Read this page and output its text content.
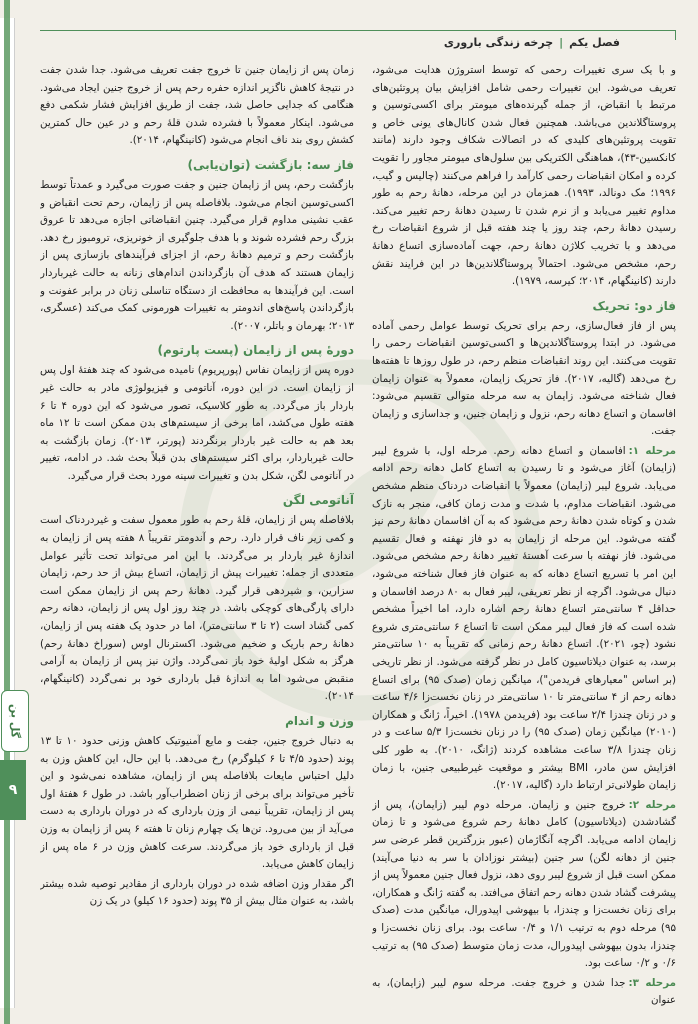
فصل یکم|چرخه زندگی باروری
گل بن
۹

و با یک سری تغییرات رحمی که توسط استروژن هدایت می‌شود، تعریف می‌شود. این تغییرات رحمی شامل افزایش بیان پروتئین‌های مرتبط با انقباض، از جمله گیرنده‌های میومتر برای اکسی‌توسین و پروستاگلاندین می‌باشد. همچنین فعال شدن کانال‌های یونی خاص و تقویت پروتئین‌های کلیدی که در اتصالات شکاف وجود دارند (مانند کانکسین-۴۳)، هماهنگی الکتریکی بین سلول‌های میومتر مجاور را تقویت کرده و امکان انقباضات رحمی کارآمد را فراهم می‌کنند (چالیس و گیب، ۱۹۹۶؛ مک دونالد، ۱۹۹۳). همزمان در این مرحله، دهانهٔ رحم به طور مداوم تغییر می‌یابد و از نرم شدن تا رسیدن دهانهٔ رحم تغییر می‌کند. رسیدن دهانهٔ رحم، چند روز یا چند هفته قبل از شروع انقباضات رخ می‌دهد و با تخریب کلاژن دهانهٔ رحم، جهت آماده‌سازی اتساع دهانهٔ رحم، مشخص می‌شود. احتمالاً پروستاگلاندین‌ها در این فرایند نقش دارند (کانینگهام، ۲۰۱۴؛ کیرسه، ۱۹۷۹).

فاز دو: تحریک

پس از فاز فعال‌سازی، رحم برای تحریک توسط عوامل رحمی آماده می‌شود. در ابتدا پروستاگلاندین‌ها و اکسی‌توسین انقباضات رحمی را تقویت می‌کنند. این روند انقباضات منظم رحم، در طول روزها تا هفته‌ها رخ می‌دهد (گالیه، ۲۰۱۷). فاز تحریک زایمان، معمولاً به عنوان زایمان فعال شناخته می‌شود. زایمان به سه مرحله متوالی تقسیم می‌شود: افاسمان و اتساع دهانه رحم، نزول و زایمان جنین، و جداسازی و زایمان جفت.

مرحله ۱:افاسمان و اتساع دهانه رحم. مرحله اول، با شروع لیبر (زایمان) آغاز می‌شود و تا رسیدن به اتساع کامل دهانه رحم ادامه می‌یابد. شروع لیبر (زایمان) معمولاً با انقباضات دردناک منظم مشخص می‌شود. انقباضات مداوم، با شدت و مدت زمان کافی، منجر به نازک شدن و کوتاه شدن دهانهٔ رحم می‌شود که به آن افاسمان دهانهٔ رحم نیز گفته می‌شود. این مرحله از زایمان به دو فاز نهفته و فعال تقسیم می‌شود. فاز نهفته با سرعت آهستهٔ تغییر دهانهٔ رحم مشخص می‌شود. این امر با تسریع اتساع دهانه که به عنوان فاز فعال شناخته می‌شود، دنبال می‌شود. اگرچه از نظر تعریفی، لیبر فعال به ۸۰ درصد افاسمان و حداقل ۴ سانتی‌متر اتساع دهانهٔ رحم اشاره دارد، اما اخیراً مشخص شده است که فاز فعال لیبر ممکن است تا اتساع ۶ سانتی‌متری شروع نشود (چو، ۲۰۲۱). اتساع دهانهٔ رحم زمانی که تقریباً به ۱۰ سانتی‌متر برسد، به عنوان دیلاتاسیون کامل در نظر گرفته می‌شود. از نظر تاریخی (بر اساس "معیارهای فریدمن")، میانگین زمان (صدک ۹۵) برای اتساع دهانه رحم از ۴ سانتی‌متر تا ۱۰ سانتی‌متر در زنان نخست‌زا ۴/۶ ساعت و در زنان چندزا ۲/۴ ساعت بود (فریدمن ۱۹۷۸). اخیراً، ژانگ و همکاران (۲۰۱۰) میانگین زمان (صدک ۹۵) را در زنان نخست‌زا ۵/۳ ساعت و در زنان چندزا ۳/۸ ساعت مشاهده کردند (ژانگ، ۲۰۱۰). به طور کلی افزایش سن مادر، BMI بیشتر و موقعیت غیرطبیعی جنین، با زمان زایمان طولانی‌تر ارتباط دارد (گالیه، ۲۰۱۷).

مرحله ۲:خروج جنین و زایمان. مرحله دوم لیبر (زایمان)، پس از گشادشدن (دیلاتاسیون) کامل دهانهٔ رحم شروع می‌شود و تا زمان زایمان ادامه می‌یابد. اگرچه آنگاژمان (عبور بزرگترین قطر عرضی سر جنین از دهانه لگن) سر جنین (بیشتر نوزادان با سر به دنیا می‌آیند) ممکن است قبل از شروع لیبر روی دهد، نزول فعال جنین معمولاً پس از پیشرفت گشاد شدن دهانه رحم اتفاق می‌افتد. به گفته ژانگ و همکاران، برای زنان نخست‌زا و چندزا، با بیهوشی اپیدورال، میانگین مدت (صدک ۹۵) مرحله دوم به ترتیب ۱/۱ و ۰/۴ ساعت بود. برای زنان نخست‌زا و چندزا، بدون بیهوشی اپیدورال، مدت زمان متوسط (صدک ۹۵) به ترتیب ۰/۶ و ۰/۲ ساعت بود.

مرحله ۳:جدا شدن و خروج جفت. مرحله سوم لیبر (زایمان)، به عنوان

زمان پس از زایمان جنین تا خروج جفت تعریف می‌شود. جدا شدن جفت در نتیجهٔ کاهش ناگزیر اندازه حفره رحم پس از خروج جنین ایجاد می‌شود. هنگامی که جدایی حاصل شد، جفت از طریق افزایش فشار شکمی دفع می‌شود. اینکار معمولاً با فشرده شدن قلهٔ رحم و در عین حال کمترین کشش روی بند ناف انجام می‌شود (کانینگهام، ۲۰۱۴).

فاز سه: بازگشت (توان‌یابی)

بازگشت رحم، پس از زایمان جنین و جفت صورت می‌گیرد و عمدتاً توسط اکسی‌توسین انجام می‌شود. بلافاصله پس از زایمان، رحم تحت انقباض و عقب نشینی مداوم قرار می‌گیرد. چنین انقباضاتی اجازه می‌دهد تا عروق بزرگ رحم فشرده شوند و با هدف جلوگیری از خونریزی، ترومبوز رخ دهد. بازگشت رحم و ترمیم دهانهٔ رحم، از اجزای فرآیندهای بازسازی پس از زایمان هستند که هدف آن بازگرداندن اندام‌های زنانه به حالت غیرباردار است. این فرآیندها به محافظت از دستگاه تناسلی زنان در برابر عفونت و بازگرداندن پاسخ‌های اندومتر به تغییرات هورمونی کمک می‌کند (عسگری، ۲۰۱۳؛ بهرمان و باتلر، ۲۰۰۷).

دورهٔ پس از زایمان (پست پارتوم)

دوره پس از زایمان نفاس (پورپریوم) نامیده می‌شود که چند هفتهٔ اول پس از زایمان است. در این دوره، آناتومی و فیزیولوژی مادر به حالت غیر باردار باز می‌گردد. به طور کلاسیک، تصور می‌شود که این دوره ۴ تا ۶ هفته طول می‌کشد، اما برخی از سیستم‌های بدن ممکن است تا ۱۲ ماه بعد هم به حالت غیر باردار برنگردند (پورتر، ۲۰۱۳). زمان بازگشت به حالت غیرباردار، برای اکثر سیستم‌های بدن قبلاً بحث شد. در ادامه، تغییر در آناتومی لگن، شکل بدن و تغییرات سینه مورد بحث قرار می‌گیرد.

آناتومی لگن

بلافاصله پس از زایمان، قلهٔ رحم به طور معمول سفت و غیردردناک است و کمی زیر ناف قرار دارد. رحم و آندومتر تقریباً ۸ هفته پس از زایمان به اندازهٔ غیر باردار بر می‌گردند. با این امر می‌تواند تحت تأثیر عوامل متعددی از جمله: تغییرات پیش از زایمان، اتساع بیش از حد رحم، زایمان سزارین، و شیردهی قرار گیرد. دهانهٔ رحم پس از زایمان ممکن است دارای پارگی‌های کوچکی باشد. در چند روز اول پس از زایمان، دهانه رحم کمی گشاد است (۲ تا ۳ سانتی‌متر)، اما در حدود یک هفته پس از زایمان، دهانهٔ رحم باریک و ضخیم می‌شود. اکسترنال اوس (سوراخ دهانهٔ رحم) هرگز به شکل اولیهٔ خود باز نمی‌گردد. واژن نیز پس از زایمان به آرامی منقبض می‌شود اما به اندازهٔ قبل بارداری خود بر نمی‌گردد (کانینگهام، ۲۰۱۴).

وزن و اندام

به دنبال خروج جنین، جفت و مایع آمنیوتیک کاهش وزنی حدود ۱۰ تا ۱۳ پوند (حدود ۴/۵ تا ۶ کیلوگرم) رخ می‌دهد. با این حال، این کاهش وزن به دلیل احتباس مایعات بلافاصله پس از زایمان، مشاهده نمی‌شود و این تأخیر می‌تواند برای برخی از زنان اضطراب‌آور باشد. در طول ۶ هفتهٔ اول پس از زایمان، تقریباً نیمی از وزن بارداری که در دوران بارداری به دست می‌آید از بین می‌رود. تن‌ها یک چهارم زنان تا هفته ۶ پس از زایمان به وزن قبل از بارداری خود باز می‌گردند. سرعت کاهش وزن در ۶ ماه پس از زایمان کاهش می‌یابد.

اگر مقدار وزن اضافه شده در دوران بارداری از مقادیر توصیه شده بیشتر باشد، به عنوان مثال بیش از ۳۵ پوند (حدود ۱۶ کیلو) در یک زن
